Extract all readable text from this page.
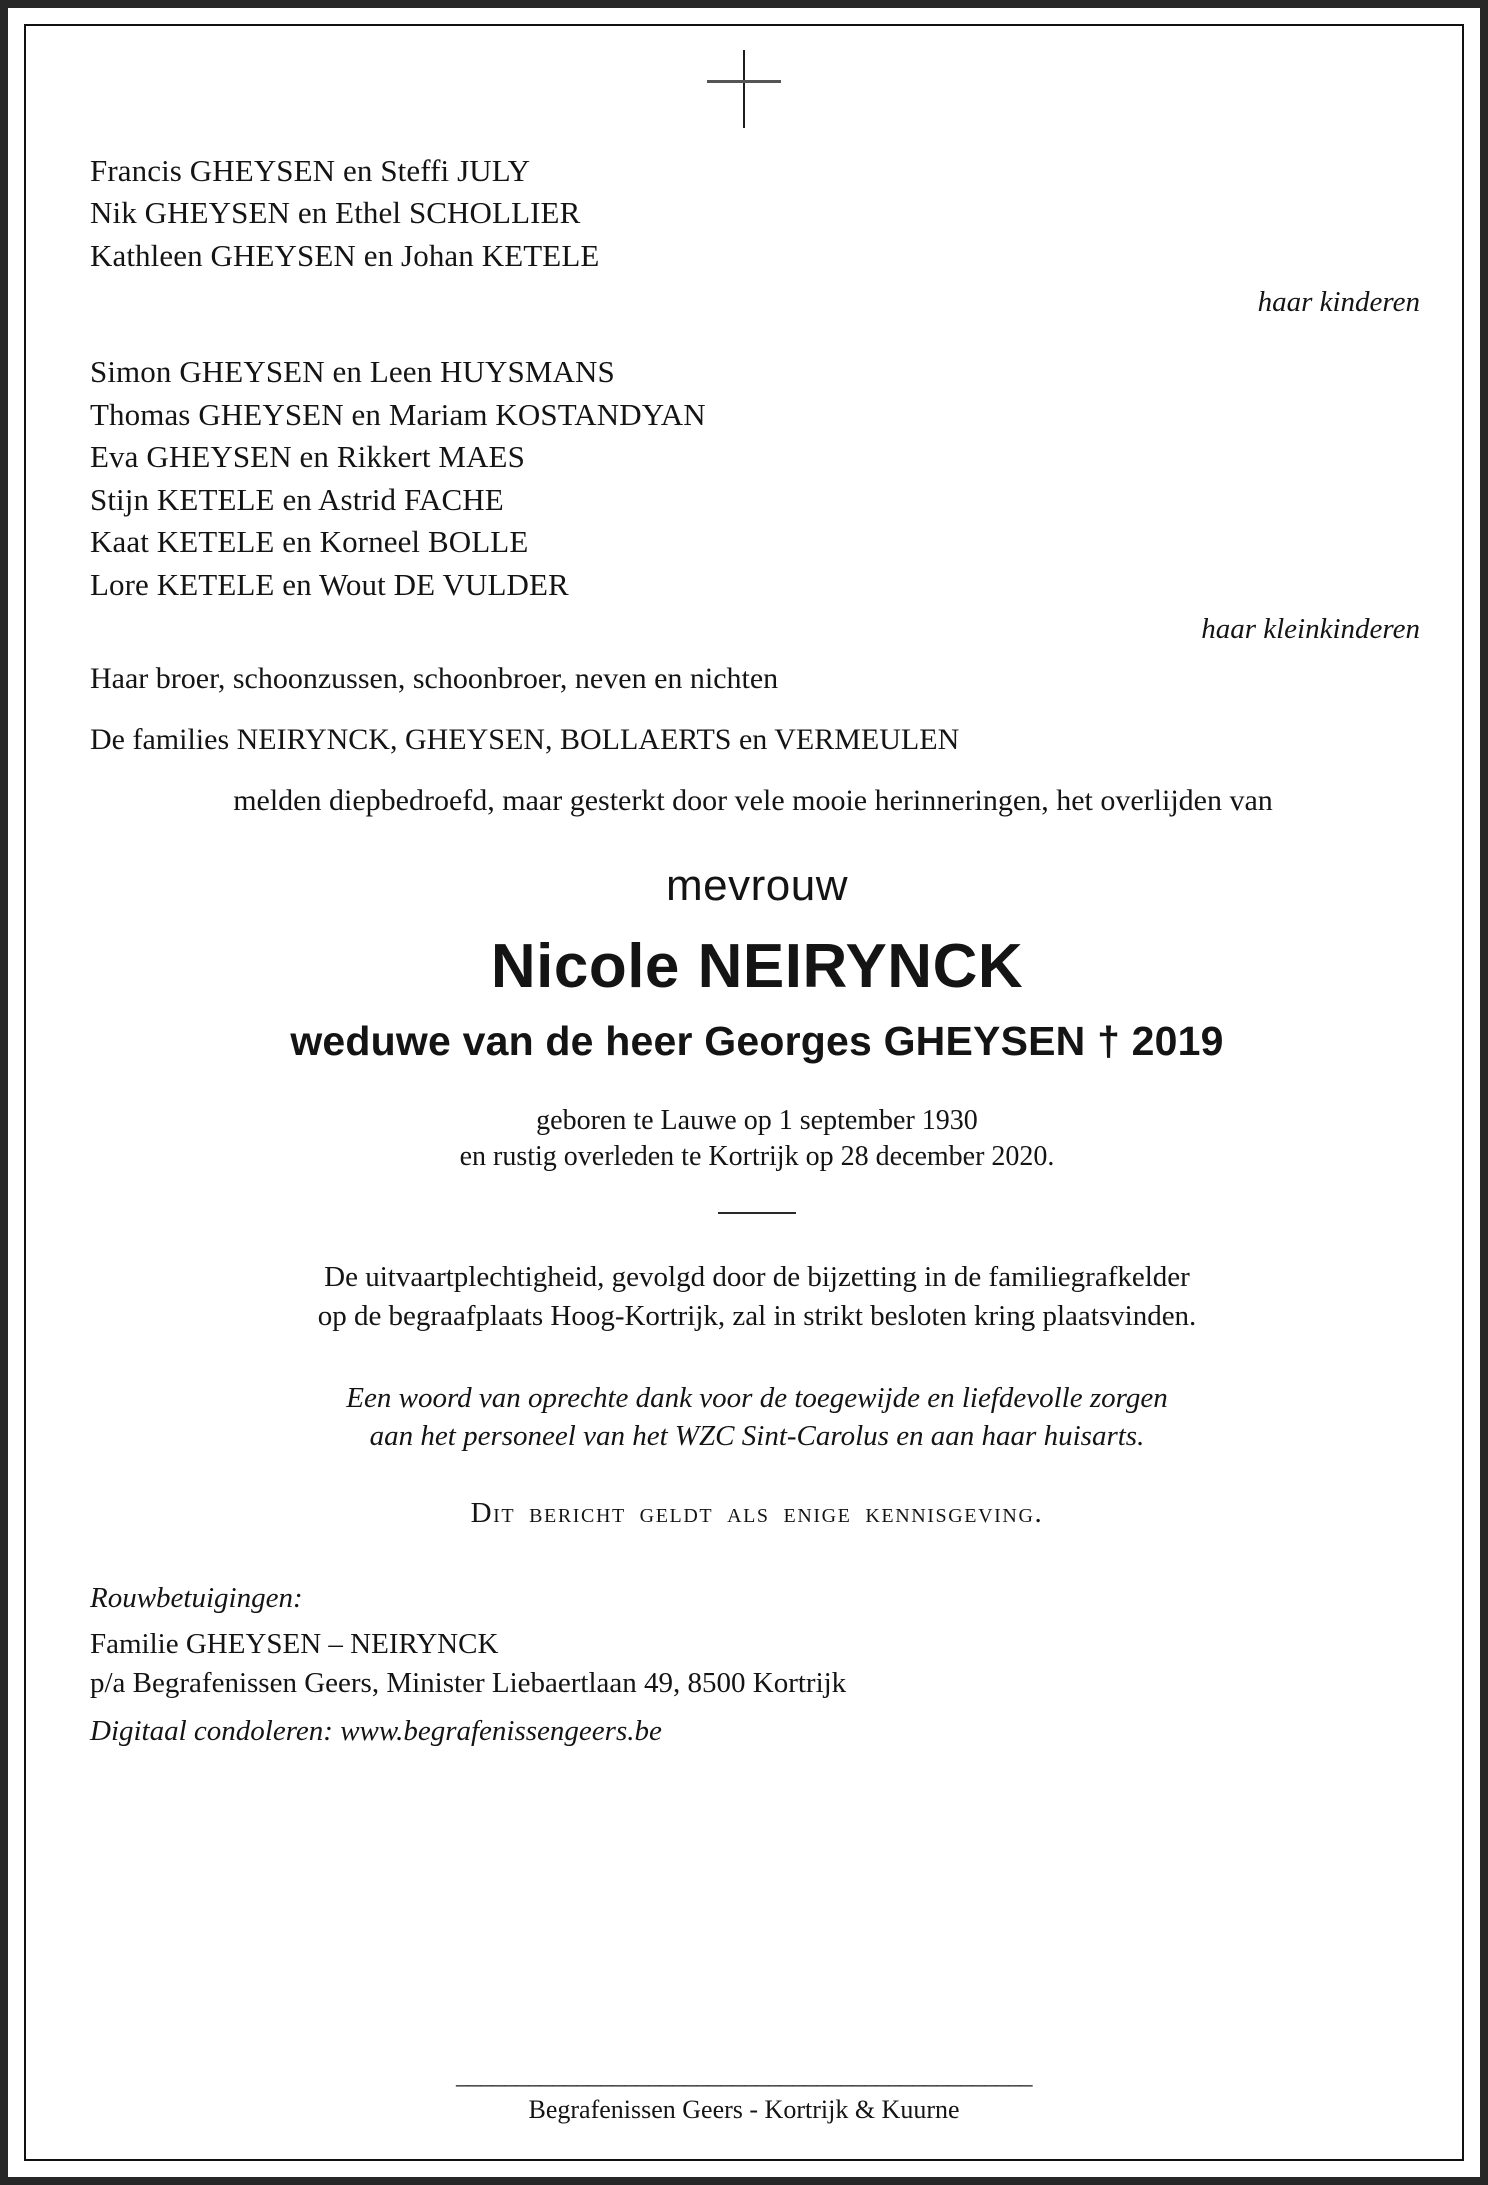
Francis GHEYSEN en Steffi JULY

Nik GHEYSEN en Ethel SCHOLLIER

Kathleen GHEYSEN en Johan KETELE

haar kinderen

Simon GHEYSEN en Leen HUYSMANS

Thomas GHEYSEN en Mariam KOSTANDYAN

Eva GHEYSEN en Rikkert MAES

Stijn KETELE en Astrid FACHE

Kaat KETELE en Korneel BOLLE

Lore KETELE en Wout DE VULDER

haar kleinkinderen

Haar broer, schoonzussen, schoonbroer, neven en nichten

De families NEIRYNCK, GHEYSEN, BOLLAERTS en VERMEULEN

melden diepbedroefd, maar gesterkt door vele mooie herinneringen, het overlijden van

mevrouw

Nicole NEIRYNCK

weduwe van de heer Georges GHEYSEN † 2019

geboren te Lauwe op 1 september 1930

en rustig overleden te Kortrijk op 28 december 2020.

De uitvaartplechtigheid, gevolgd door de bijzetting in de familiegrafkelder

op de begraafplaats Hoog-Kortrijk, zal in strikt besloten kring plaatsvinden.

Een woord van oprechte dank voor de toegewijde en liefdevolle zorgen

aan het personeel van het WZC Sint-Carolus en aan haar huisarts.

Dit bericht geldt als enige kennisgeving.

Rouwbetuigingen:

Familie GHEYSEN – NEIRYNCK

p/a Begrafenissen Geers, Minister Liebaertlaan 49, 8500 Kortrijk

Digitaal condoleren: www.begrafenissengeers.be

________________________________________________
Begrafenissen Geers - Kortrijk & Kuurne
